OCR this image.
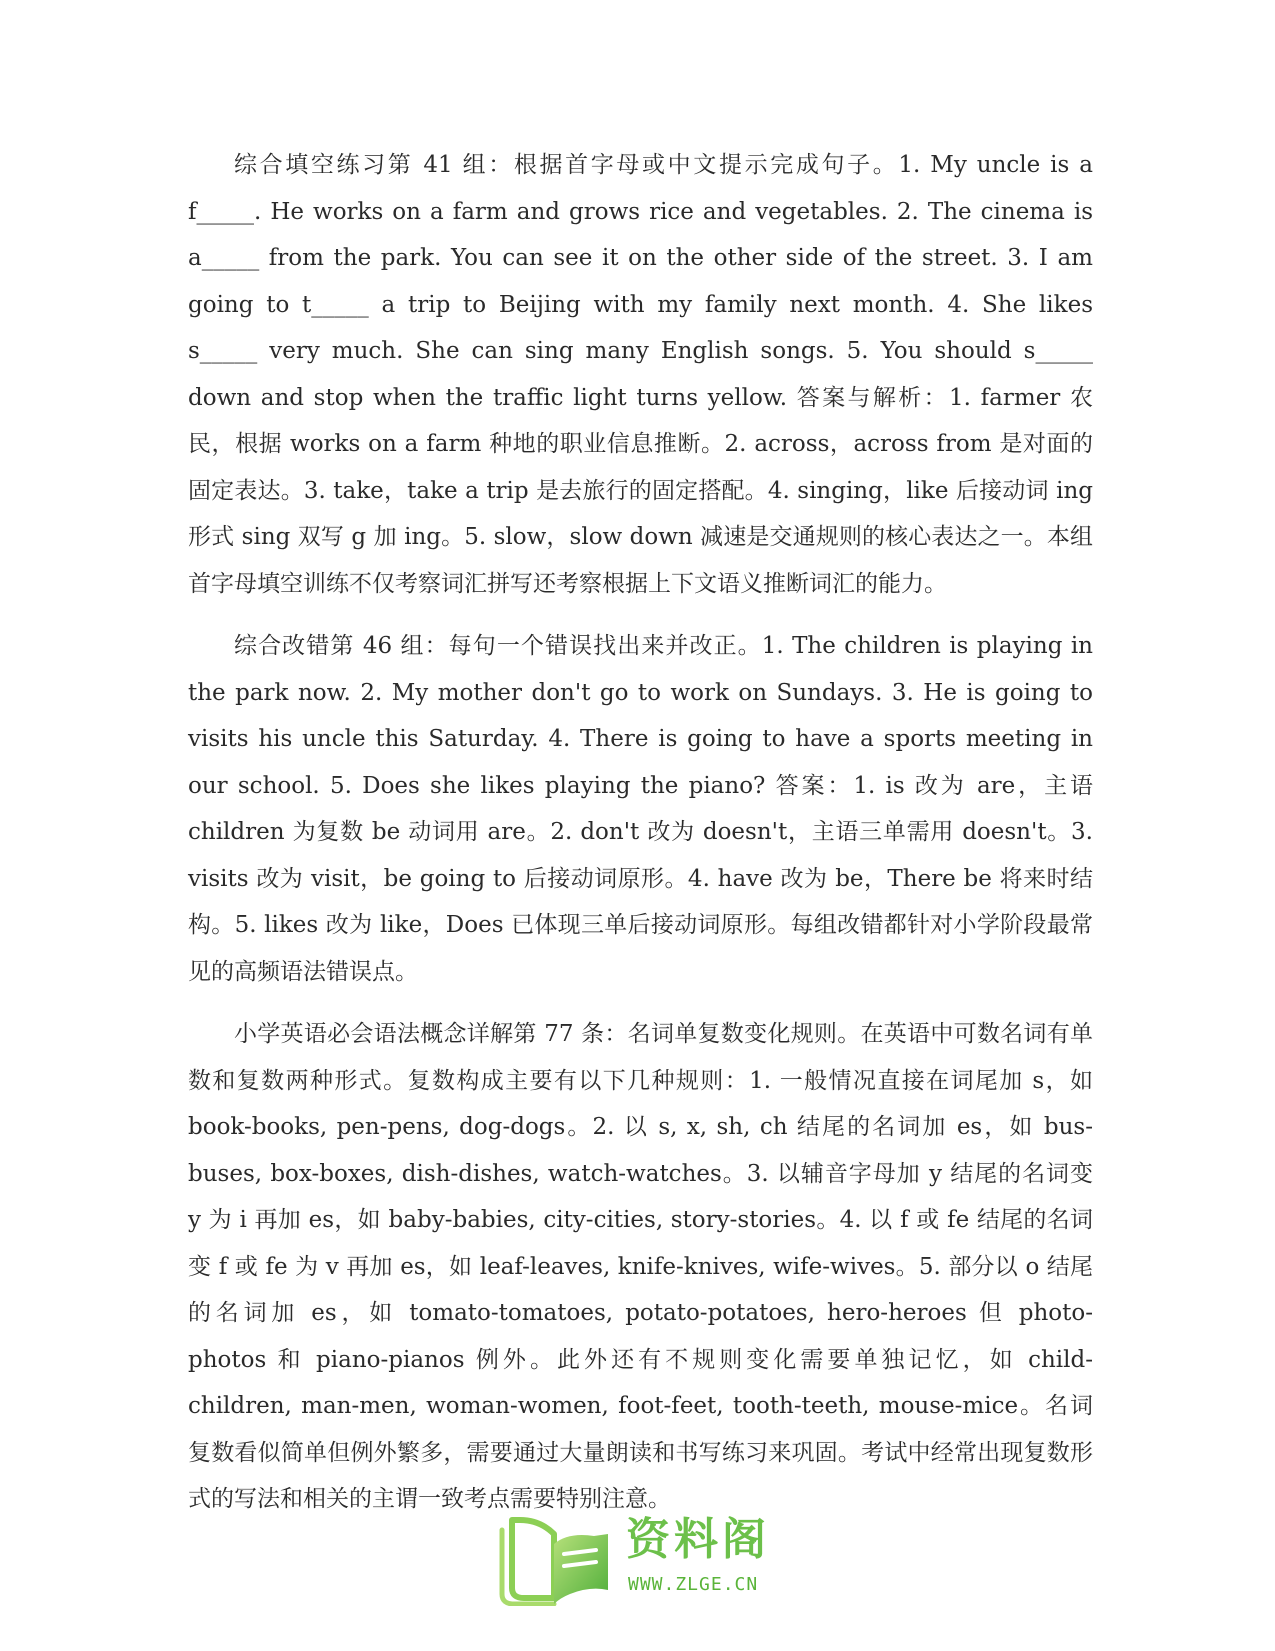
综合填空练习第 41 组：根据首字母或中文提示完成句子。1. My uncle is a f_____. He works on a farm and grows rice and vegetables. 2. The cinema is a_____ from the park. You can see it on the other side of the street. 3. I am going to t_____ a trip to Beijing with my family next month. 4. She likes s_____ very much. She can sing many English songs. 5. You should s_____ down and stop when the traffic light turns yellow. 答案与解析：1. farmer 农民，根据 works on a farm 种地的职业信息推断。2. across，across from 是对面的固定表达。3. take，take a trip 是去旅行的固定搭配。4. singing，like 后接动词 ing 形式 sing 双写 g 加 ing。5. slow，slow down 减速是交通规则的核心表达之一。本组首字母填空训练不仅考察词汇拼写还考察根据上下文语义推断词汇的能力。

综合改错第 46 组：每句一个错误找出来并改正。1. The children is playing in the park now. 2. My mother don't go to work on Sundays. 3. He is going to visits his uncle this Saturday. 4. There is going to have a sports meeting in our school. 5. Does she likes playing the piano? 答案：1. is 改为 are，主语 children 为复数 be 动词用 are。2. don't 改为 doesn't，主语三单需用 doesn't。3. visits 改为 visit，be going to 后接动词原形。4. have 改为 be，There be 将来时结构。5. likes 改为 like，Does 已体现三单后接动词原形。每组改错都针对小学阶段最常见的高频语法错误点。

小学英语必会语法概念详解第 77 条：名词单复数变化规则。在英语中可数名词有单数和复数两种形式。复数构成主要有以下几种规则：1. 一般情况直接在词尾加 s，如 book-books, pen-pens, dog-dogs。2. 以 s, x, sh, ch 结尾的名词加 es，如 bus-buses, box-boxes, dish-dishes, watch-watches。3. 以辅音字母加 y 结尾的名词变 y 为 i 再加 es，如 baby-babies, city-cities, story-stories。4. 以 f 或 fe 结尾的名词变 f 或 fe 为 v 再加 es，如 leaf-leaves, knife-knives, wife-wives。5. 部分以 o 结尾的名词加 es，如 tomato-tomatoes, potato-potatoes, hero-heroes 但 photo-photos 和 piano-pianos 例外。此外还有不规则变化需要单独记忆，如 child-children, man-men, woman-women, foot-feet, tooth-teeth, mouse-mice。名词复数看似简单但例外繁多，需要通过大量朗读和书写练习来巩固。考试中经常出现复数形式的写法和相关的主谓一致考点需要特别注意。

资料阁
WWW.ZLGE.CN
